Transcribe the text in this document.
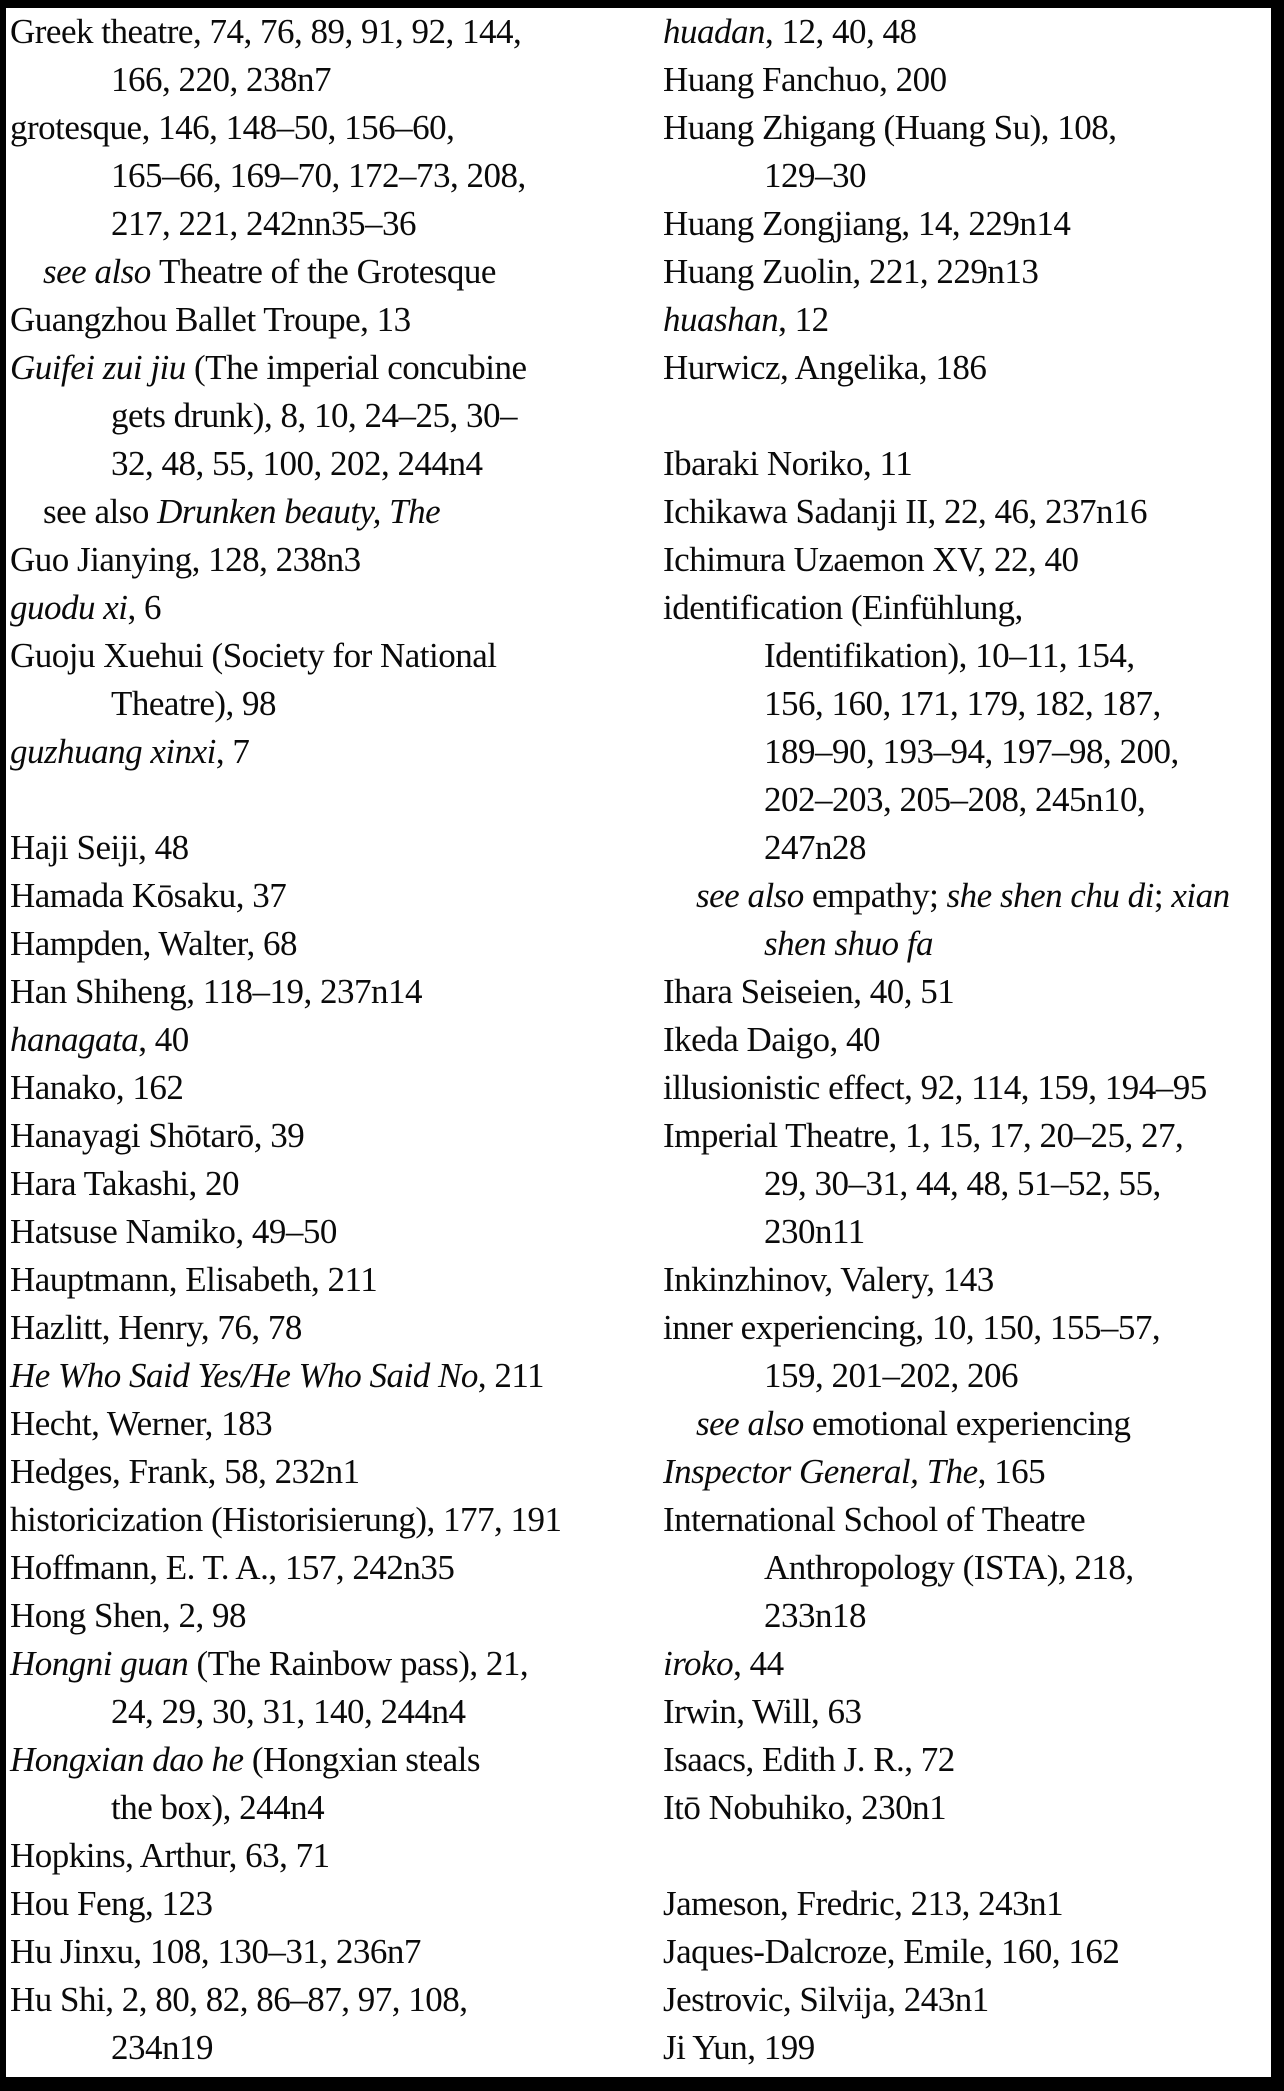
Greek theatre, 74, 76, 89, 91, 92, 144,
166, 220, 238n7
grotesque, 146, 148–50, 156–60,
165–66, 169–70, 172–73, 208,
217, 221, 242nn35–36
see also Theatre of the Grotesque
Guangzhou Ballet Troupe, 13
Guifei zui jiu (The imperial concubine
gets drunk), 8, 10, 24–25, 30–
32, 48, 55, 100, 202, 244n4
see also Drunken beauty, The
Guo Jianying, 128, 238n3
guodu xi, 6
Guoju Xuehui (Society for National
Theatre), 98
guzhuang xinxi, 7
Haji Seiji, 48
Hamada Kōsaku, 37
Hampden, Walter, 68
Han Shiheng, 118–19, 237n14
hanagata, 40
Hanako, 162
Hanayagi Shōtarō, 39
Hara Takashi, 20
Hatsuse Namiko, 49–50
Hauptmann, Elisabeth, 211
Hazlitt, Henry, 76, 78
He Who Said Yes/He Who Said No, 211
Hecht, Werner, 183
Hedges, Frank, 58, 232n1
historicization (Historisierung), 177, 191
Hoffmann, E. T. A., 157, 242n35
Hong Shen, 2, 98
Hongni guan (The Rainbow pass), 21,
24, 29, 30, 31, 140, 244n4
Hongxian dao he (Hongxian steals
the box), 244n4
Hopkins, Arthur, 63, 71
Hou Feng, 123
Hu Jinxu, 108, 130–31, 236n7
Hu Shi, 2, 80, 82, 86–87, 97, 108,
234n19
huadan, 12, 40, 48
Huang Fanchuo, 200
Huang Zhigang (Huang Su), 108,
129–30
Huang Zongjiang, 14, 229n14
Huang Zuolin, 221, 229n13
huashan, 12
Hurwicz, Angelika, 186
Ibaraki Noriko, 11
Ichikawa Sadanji II, 22, 46, 237n16
Ichimura Uzaemon XV, 22, 40
identification (Einfühlung,
Identifikation), 10–11, 154,
156, 160, 171, 179, 182, 187,
189–90, 193–94, 197–98, 200,
202–203, 205–208, 245n10,
247n28
see also empathy; she shen chu di; xian
shen shuo fa
Ihara Seiseien, 40, 51
Ikeda Daigo, 40
illusionistic effect, 92, 114, 159, 194–95
Imperial Theatre, 1, 15, 17, 20–25, 27,
29, 30–31, 44, 48, 51–52, 55,
230n11
Inkinzhinov, Valery, 143
inner experiencing, 10, 150, 155–57,
159, 201–202, 206
see also emotional experiencing
Inspector General, The, 165
International School of Theatre
Anthropology (ISTA), 218,
233n18
iroko, 44
Irwin, Will, 63
Isaacs, Edith J. R., 72
Itō Nobuhiko, 230n1
Jameson, Fredric, 213, 243n1
Jaques-Dalcroze, Emile, 160, 162
Jestrovic, Silvija, 243n1
Ji Yun, 199
